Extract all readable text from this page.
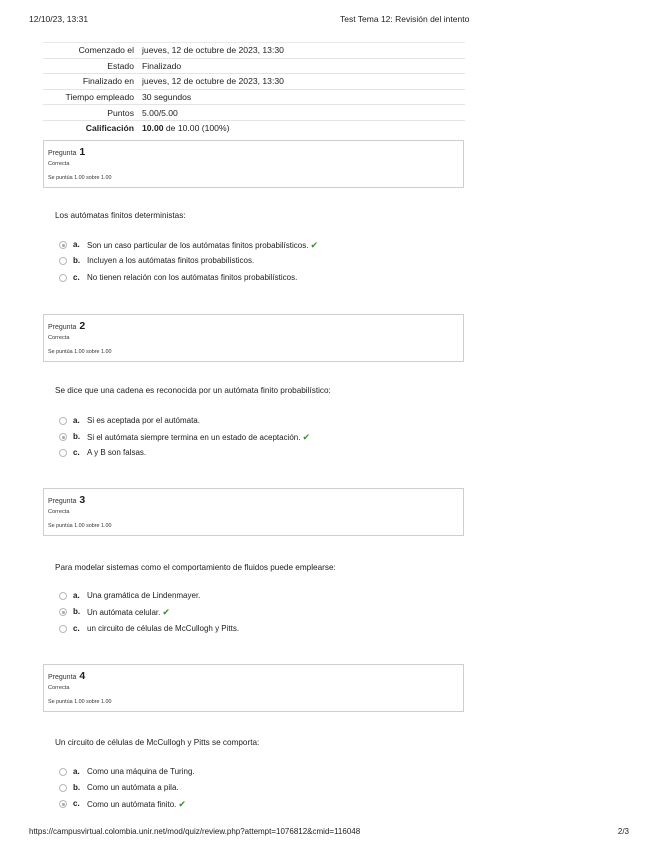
12/10/23, 13:31	Test Tema 12: Revisión del intento
Comenzado el	jueves, 12 de octubre de 2023, 13:30
Estado	Finalizado
Finalizado en	jueves, 12 de octubre de 2023, 13:30
Tiempo empleado	30 segundos
Puntos	5.00/5.00
Calificación	10.00 de 10.00 (100%)
Pregunta 1
Correcta
Se puntúa 1.00 sobre 1.00
Los autómatas finitos deterministas:
a. Son un caso particular de los autómatas finitos probabilísticos. ✔
b. Incluyen a los autómatas finitos probabilísticos.
c. No tienen relación con los autómatas finitos probabilísticos.
Pregunta 2
Correcta
Se puntúa 1.00 sobre 1.00
Se dice que una cadena es reconocida por un autómata finito probabilístico:
a. Si es aceptada por el autómata.
b. Si el autómata siempre termina en un estado de aceptación. ✔
c. A y B son falsas.
Pregunta 3
Correcta
Se puntúa 1.00 sobre 1.00
Para modelar sistemas como el comportamiento de fluidos puede emplearse:
a. Una gramática de Lindenmayer.
b. Un autómata celular. ✔
c. un circuito de células de McCullogh y Pitts.
Pregunta 4
Correcta
Se puntúa 1.00 sobre 1.00
Un circuito de células de McCullogh y Pitts se comporta:
a. Como una máquina de Turing.
b. Como un autómata a pila.
c. Como un autómata finito. ✔
https://campusvirtual.colombia.unir.net/mod/quiz/review.php?attempt=1076812&cmid=116048	2/3
